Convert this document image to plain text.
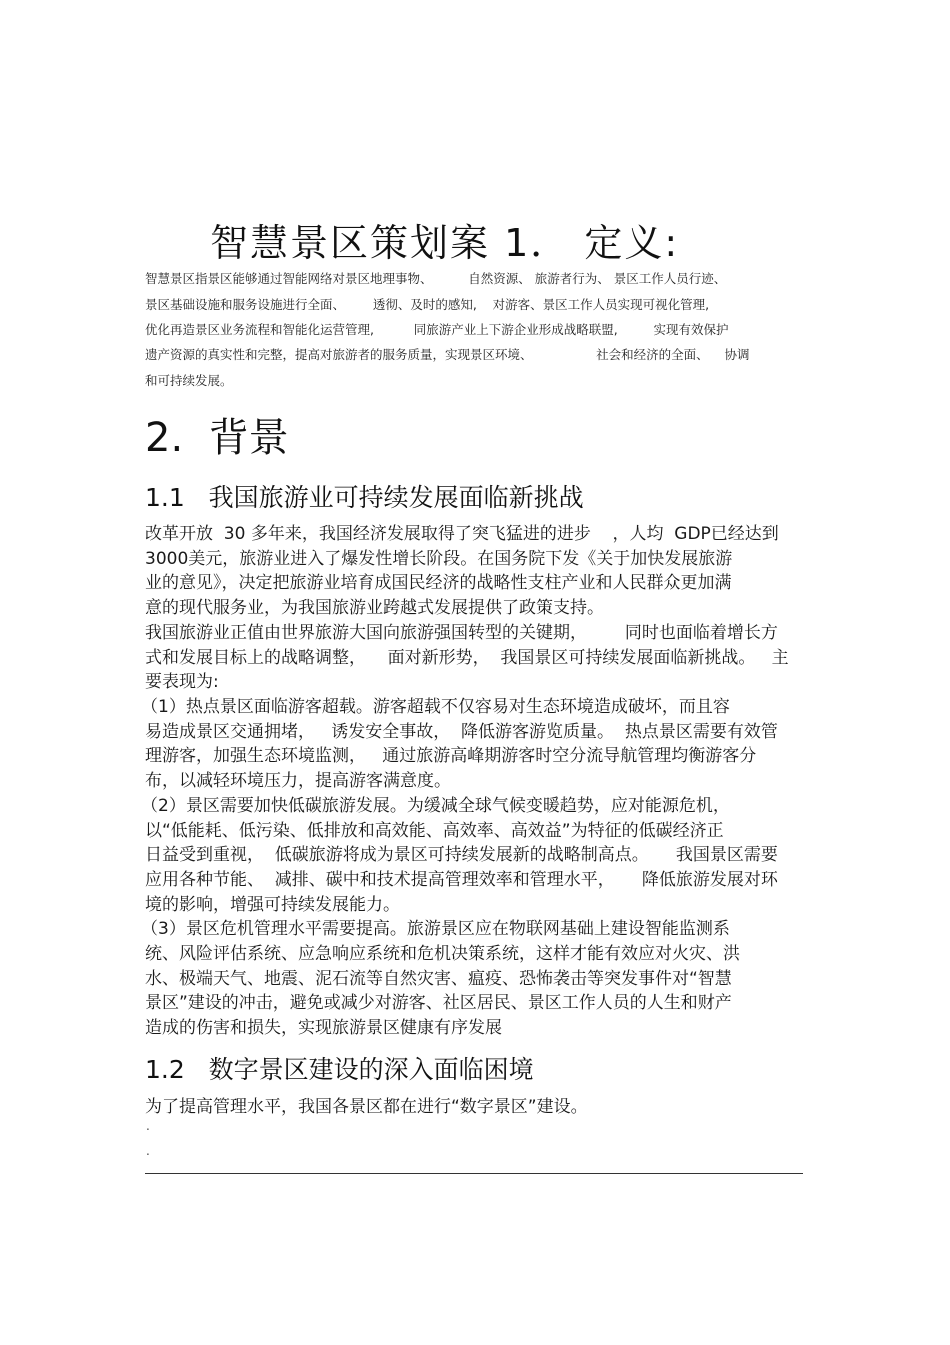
智慧景区策划案 1． 定义:
智慧景区指景区能够通过智能网络对景区地理事物、         自然资源、 旅游者行为、 景区工作人员行迹、
景区基础设施和服务设施进行全面、       透彻、及时的感知,    对游客、景区工作人员实现可视化管理,
优化再造景区业务流程和智能化运营管理,          同旅游产业上下游企业形成战略联盟,         实现有效保护
遗产资源的真实性和完整，提高对旅游者的服务质量，实现景区环境、                社会和经济的全面、    协调
和可持续发展。
2.  背景
1.1   我国旅游业可持续发展面临新挑战
改革开放  30 多年来，我国经济发展取得了突飞猛进的进步    ，人均  GDP已经达到
3000美元，旅游业进入了爆发性增长阶段。在国务院下发《关于加快发展旅游
业的意见》，决定把旅游业培育成国民经济的战略性支柱产业和人民群众更加满
意的现代服务业，为我国旅游业跨越式发展提供了政策支持。
我国旅游业正值由世界旅游大国向旅游强国转型的关键期，       同时也面临着增长方
式和发展目标上的战略调整，    面对新形势，  我国景区可持续发展面临新挑战。   主
要表现为:
（1）热点景区面临游客超载。游客超载不仅容易对生态环境造成破坏，而且容
易造成景区交通拥堵，   诱发安全事故，  降低游客游览质量。  热点景区需要有效管
理游客，加强生态环境监测，   通过旅游高峰期游客时空分流导航管理均衡游客分
布，以减轻环境压力，提高游客满意度。
（2）景区需要加快低碳旅游发展。为缓减全球气候变暖趋势，应对能源危机，
以“低能耗、低污染、低排放和高效能、高效率、高效益”为特征的低碳经济正
日益受到重视，  低碳旅游将成为景区可持续发展新的战略制高点。     我国景区需要
应用各种节能、  减排、碳中和技术提高管理效率和管理水平，     降低旅游发展对环
境的影响，增强可持续发展能力。
（3）景区危机管理水平需要提高。旅游景区应在物联网基础上建设智能监测系
统、风险评估系统、应急响应系统和危机决策系统，这样才能有效应对火灾、洪
水、极端天气、地震、泥石流等自然灾害、瘟疫、恐怖袭击等突发事件对“智慧
景区”建设的冲击，避免或减少对游客、社区居民、景区工作人员的人生和财产
造成的伤害和损失，实现旅游景区健康有序发展
1.2   数字景区建设的深入面临困境
为了提高管理水平，我国各景区都在进行“数字景区”建设。
.
.
